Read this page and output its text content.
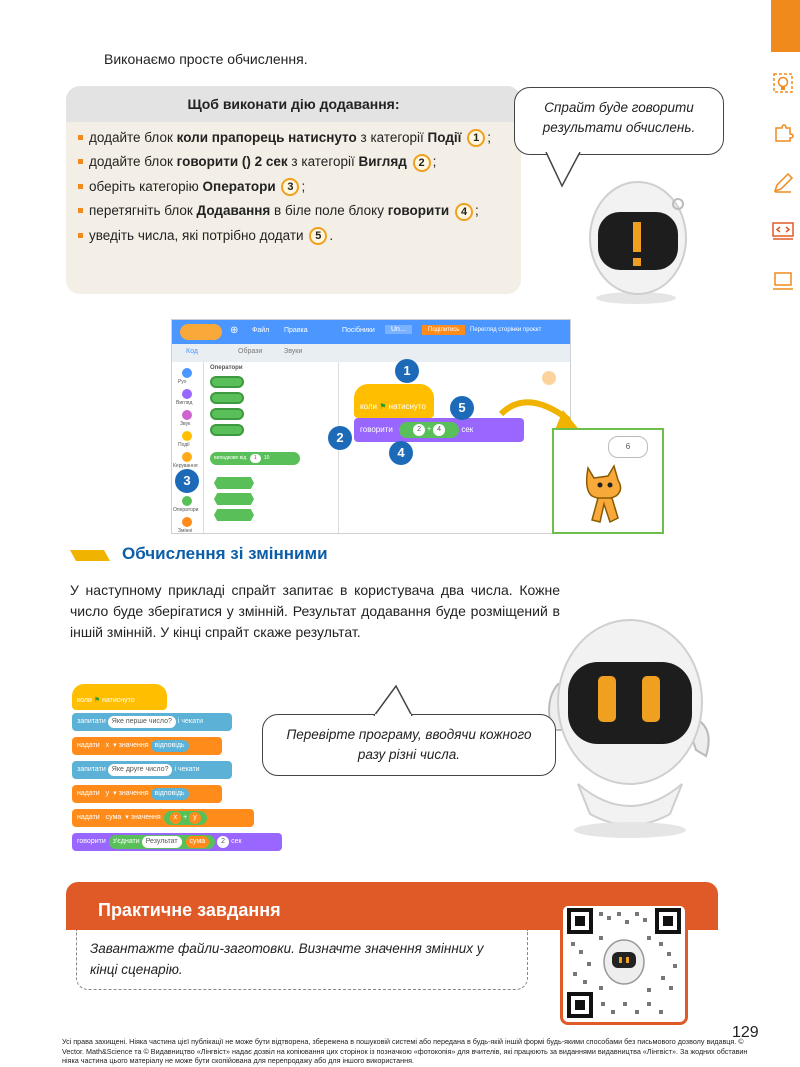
Виконаємо просте обчислення.
Щоб виконати дію додавання:
додайте блок коли прапорець натиснуто з категорії Події 1 ;
додайте блок говорити () 2 сек з категорії Вигляд 2 ;
оберіть категорію Оператори 3 ;
перетягніть блок Додавання в біле поле блоку говорити 4 ;
уведіть числа, які потрібно додати 5 .
Спрайт буде говорити результати обчислень.
⊕ Файл Правка	Посібники	Un...	Поділитись	Перегляд сторінки проєкт
Код	Образи	Звуки
Рух
Вигляд
Звук
Події
Керування
Оператори
Змінні
Оператори
випадкове від 1 10
коли ⚑ натиснуто
говорити	2 + 4	сек
1
2
3
4
5
6
Обчислення зі змінними
У наступному прикладі спрайт запитає в користувача два числа. Кожне число буде зберігатися у змінній. Результат додавання буде розміщений в іншій змінній. У кінці спрайт скаже результат.
коли ⚑ натиснуто
запитати Яке перше число? і чекати
надати x ▾ значення відповідь
запитати Яке друге число? і чекати
надати y ▾ значення відповідь
надати сума ▾ значення x + y
говорити з'єднати Результат сума 2 сек
Перевірте програму, вводячи кожного разу різні числа.
Практичне завдання
Завантажте файли-заготовки. Визначте значення змінних у кінці сценарію.
Усі права захищені. Ніяка частина цієї публікації не може бути відтворена, збережена в пошуковій системі або передана в будь-якій іншій формі будь-якими способами без письмового дозволу видавця. © Vector. Math&Science та © Видавництво «Лінгвіст» надає дозвіл на копіювання цих сторінок із позначкою «фотокопія» для вчителів, які працюють за виданнями видавництва «Лінгвіст». За жодних обставин ніяка частина цього матеріалу не може бути скопійована для перепродажу або для іншого використання.
129
